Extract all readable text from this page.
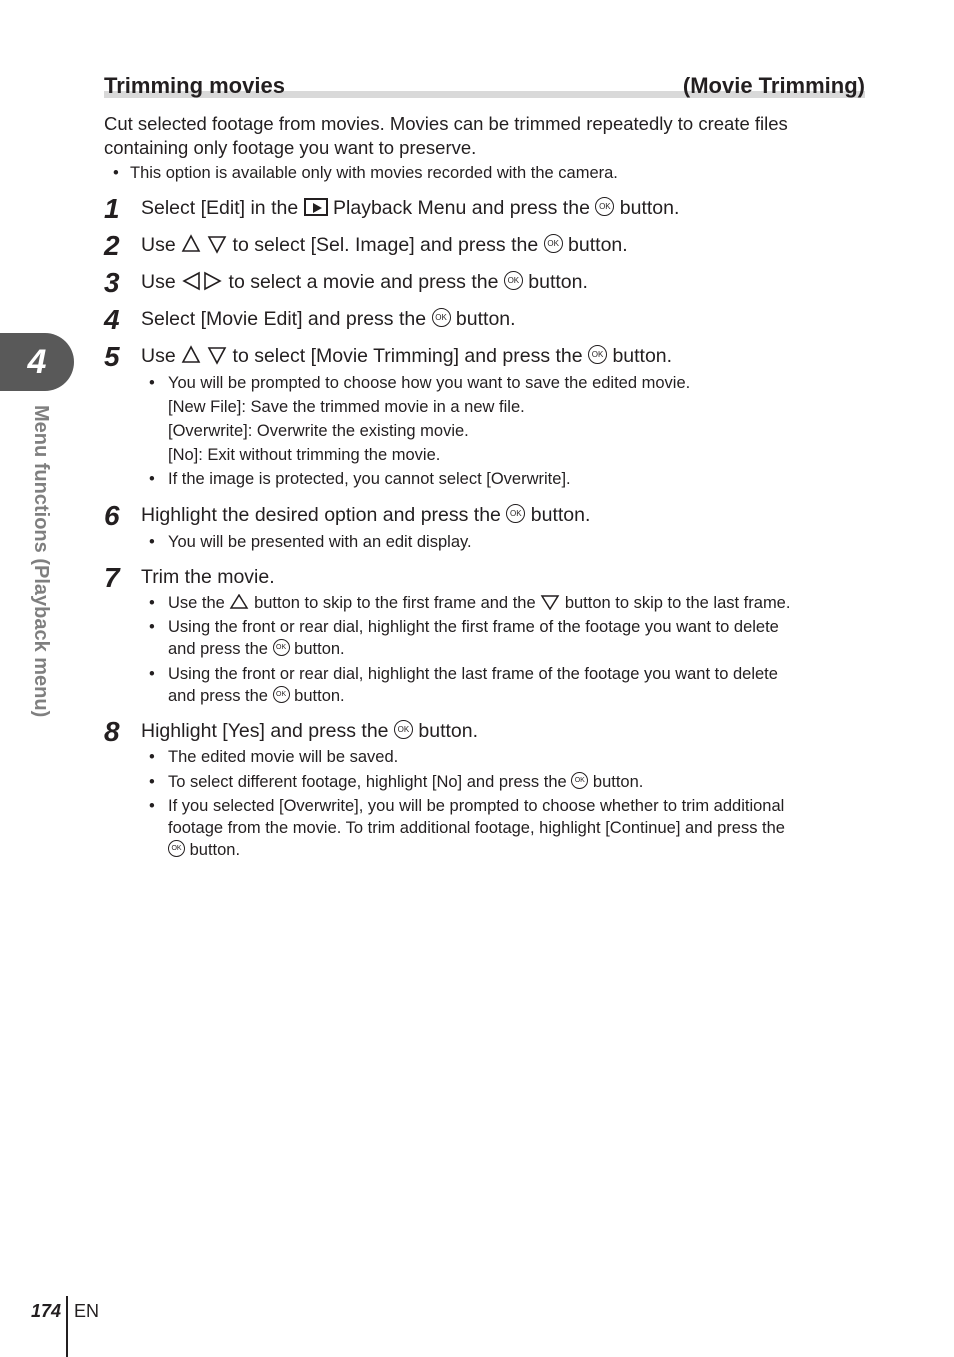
Trimming movies	(Movie Trimming)
Cut selected footage from movies. Movies can be trimmed repeatedly to create files containing only footage you want to preserve.
• This option is available only with movies recorded with the camera.
1	Select [Edit] in the Playback Menu and press the OK button.
2	Use	to select [Sel. Image] and press the OK button.
3	Use	to select a movie and press the OK button.
4	Select [Movie Edit] and press the OK button.
5	Use	to select [Movie Trimming] and press the OK button.
• You will be prompted to choose how you want to save the edited movie.
[New File]: Save the trimmed movie in a new file.
[Overwrite]: Overwrite the existing movie.
[No]: Exit without trimming the movie.
• If the image is protected, you cannot select [Overwrite].
6	Highlight the desired option and press the OK button.
• You will be presented with an edit display.
7	Trim the movie.
• Use the button to skip to the first frame and the button to skip to the last frame.
• Using the front or rear dial, highlight the first frame of the footage you want to delete
and press the OK button.
• Using the front or rear dial, highlight the last frame of the footage you want to delete
and press the OK button.
8	Highlight [Yes] and press the OK button.
• The edited movie will be saved.
• To select different footage, highlight [No] and press the OK button.
• If you selected [Overwrite], you will be prompted to choose whether to trim additional
footage from the movie. To trim additional footage, highlight [Continue] and press the
OK button.
4
Menu functions (Playback menu)
174 EN
